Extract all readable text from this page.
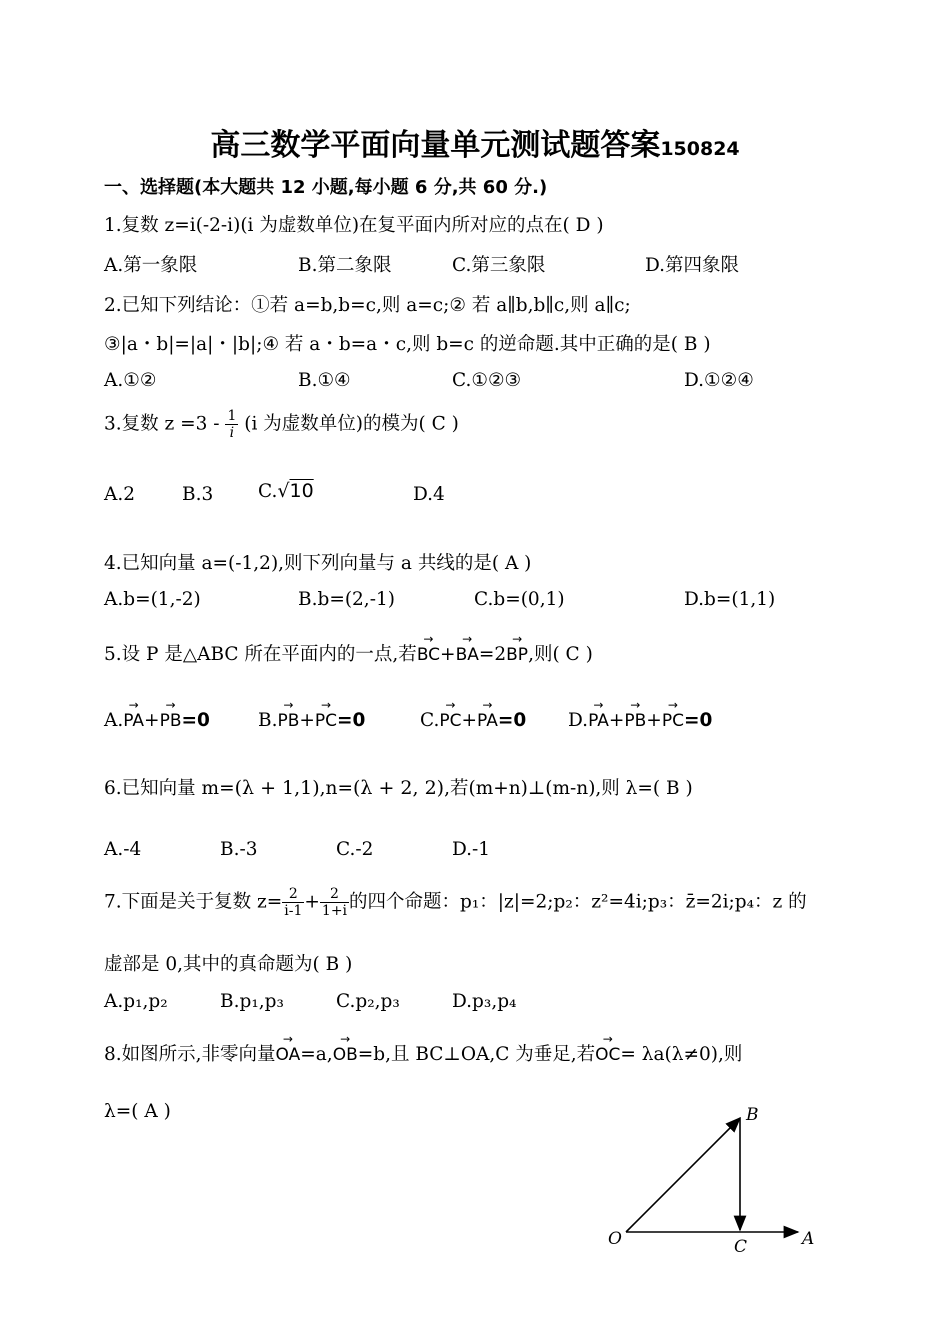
高三数学平面向量单元测试题答案150824
一、选择题(本大题共 12 小题,每小题 6 分,共 60 分.)
1.复数 z=i(-2-i)(i 为虚数单位)在复平面内所对应的点在( D )
A.第一象限	B.第二象限	C.第三象限	D.第四象限
2.已知下列结论：①若 a=b,b=c,则 a=c;② 若 a∥b,b∥c,则 a∥c;
③|a・b|=|a|・|b|;④ 若 a・b=a・c,则 b=c 的逆命题.其中正确的是( B )
A.①②	B.①④	C.①②③	D.①②④
3.复数 $z =3 - \frac{1}{i} (i$ 为虚数单位)的模为( C )
A.2	B.3 C.√10	D.4
4.已知向量 a=(-1,2),则下列向量与 a 共线的是( A )
A.b=(1,-2)	B.b=(2,-1)	C.b=(0,1)	D.b=(1,1)
5.设 P 是△ABC 所在平面内的一点,若→ BC+→ BA=2→ BP,则( C )
A.→ PA+→ PB=0	B.→ PB+→ PC=0	C.→ PC+→ PA=0 D.→ PA+→ PB+→ PC=0
6.已知向量 m=(λ + 1,1),n=(λ + 2, 2),若(m+n)⊥(m-n),则 λ=( B )
A.-4	B.-3	C.-2	D.-1
7.下面是关于复数 $z= \frac{2}{i-1} + \frac{2}{1+i}$ 的四个命题：p₁：|z|=2;p₂：z²=4i;p₃：z̄=2i;p₄：z 的
虚部是 0,其中的真命题为( B )
A.p₁,p₂	B.p₁,p₃	C.p₂,p₃	D.p₃,p₄
8.如图所示,非零向量→ OA=a,→ OB=b,且 BC⊥OA,C 为垂足,若→ OC= λa(λ≠0),则
λ=( A )
O	A
B
C
